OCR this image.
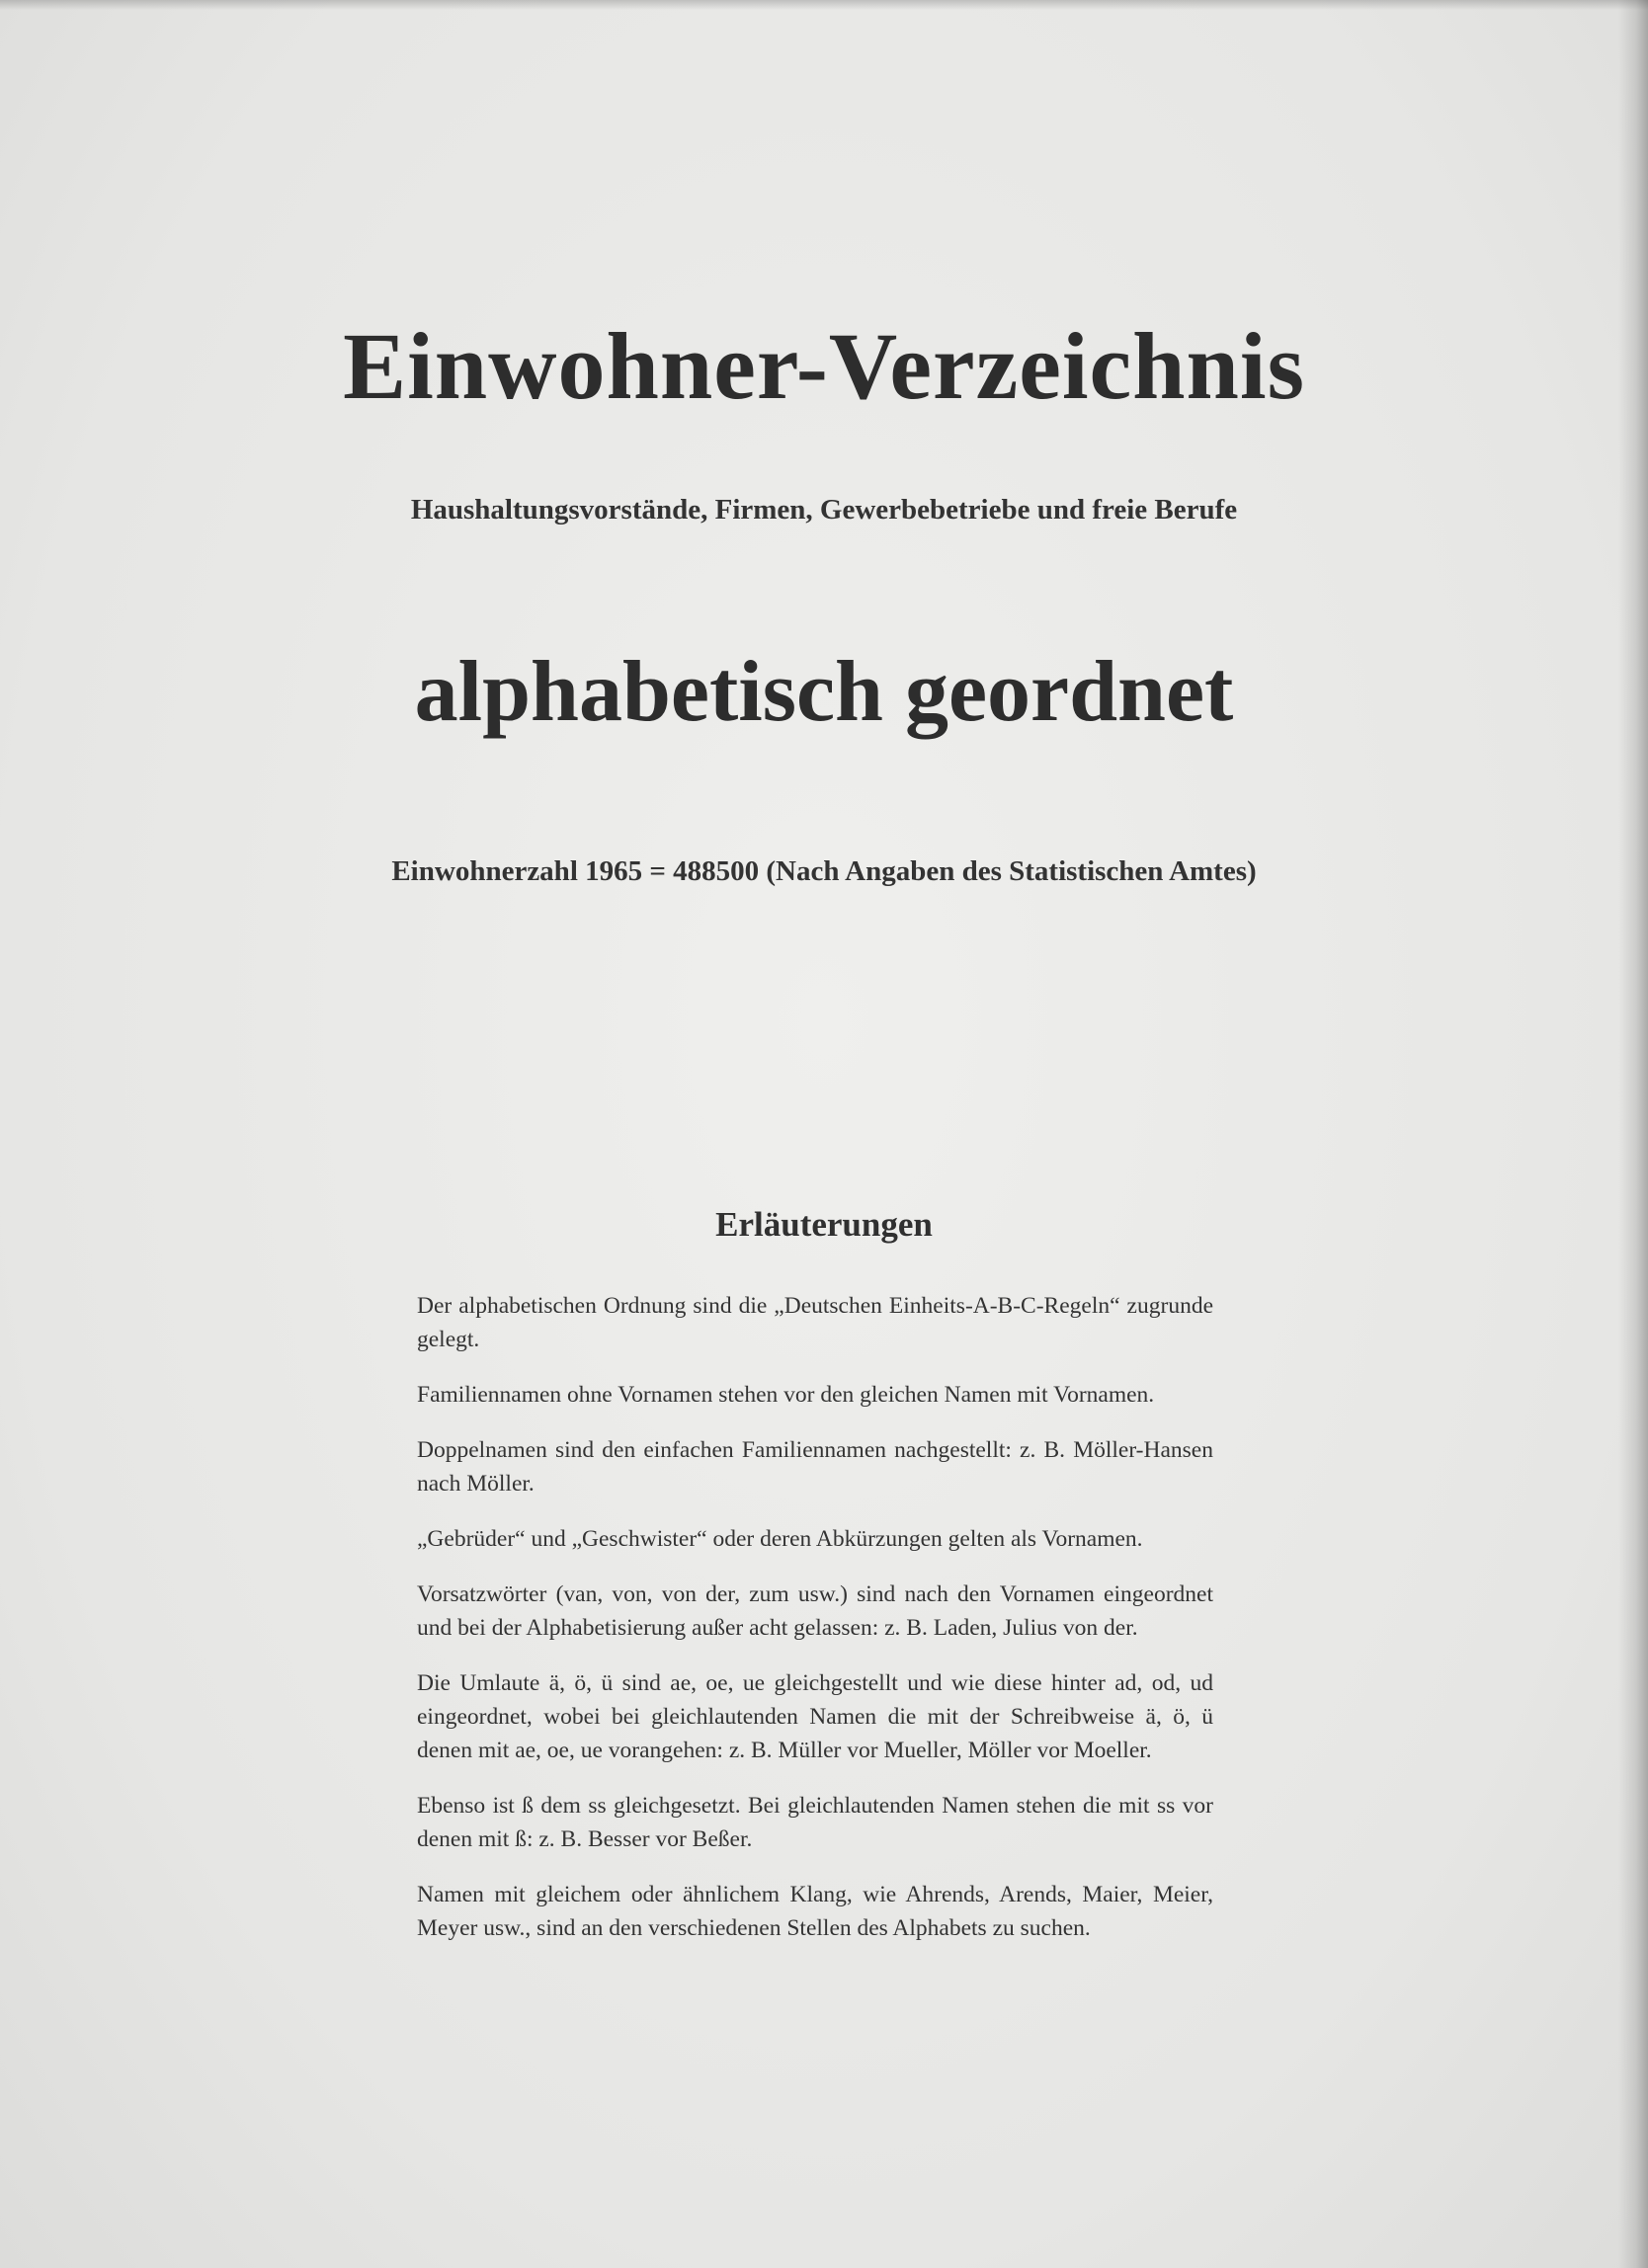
Einwohner-Verzeichnis
Haushaltungsvorstände, Firmen, Gewerbebetriebe und freie Berufe
alphabetisch geordnet
Einwohnerzahl 1965 = 488500 (Nach Angaben des Statistischen Amtes)
Erläuterungen

Der alphabetischen Ordnung sind die „Deutschen Einheits-A-B-C-Regeln“ zugrunde gelegt.

Familiennamen ohne Vornamen stehen vor den gleichen Namen mit Vornamen.

Doppelnamen sind den einfachen Familiennamen nachgestellt: z. B. Möller-Hansen nach Möller.

„Gebrüder“ und „Geschwister“ oder deren Abkürzungen gelten als Vornamen.

Vorsatzwörter (van, von, von der, zum usw.) sind nach den Vornamen eingeordnet und bei der Alphabetisierung außer acht gelassen: z. B. Laden, Julius von der.

Die Umlaute ä, ö, ü sind ae, oe, ue gleichgestellt und wie diese hinter ad, od, ud eingeordnet, wobei bei gleichlautenden Namen die mit der Schreibweise ä, ö, ü denen mit ae, oe, ue vorangehen: z. B. Müller vor Mueller, Möller vor Moeller.

Ebenso ist ß dem ss gleichgesetzt. Bei gleichlautenden Namen stehen die mit ss vor denen mit ß: z. B. Besser vor Beßer.

Namen mit gleichem oder ähnlichem Klang, wie Ahrends, Arends, Maier, Meier, Meyer usw., sind an den verschiedenen Stellen des Alphabets zu suchen.
